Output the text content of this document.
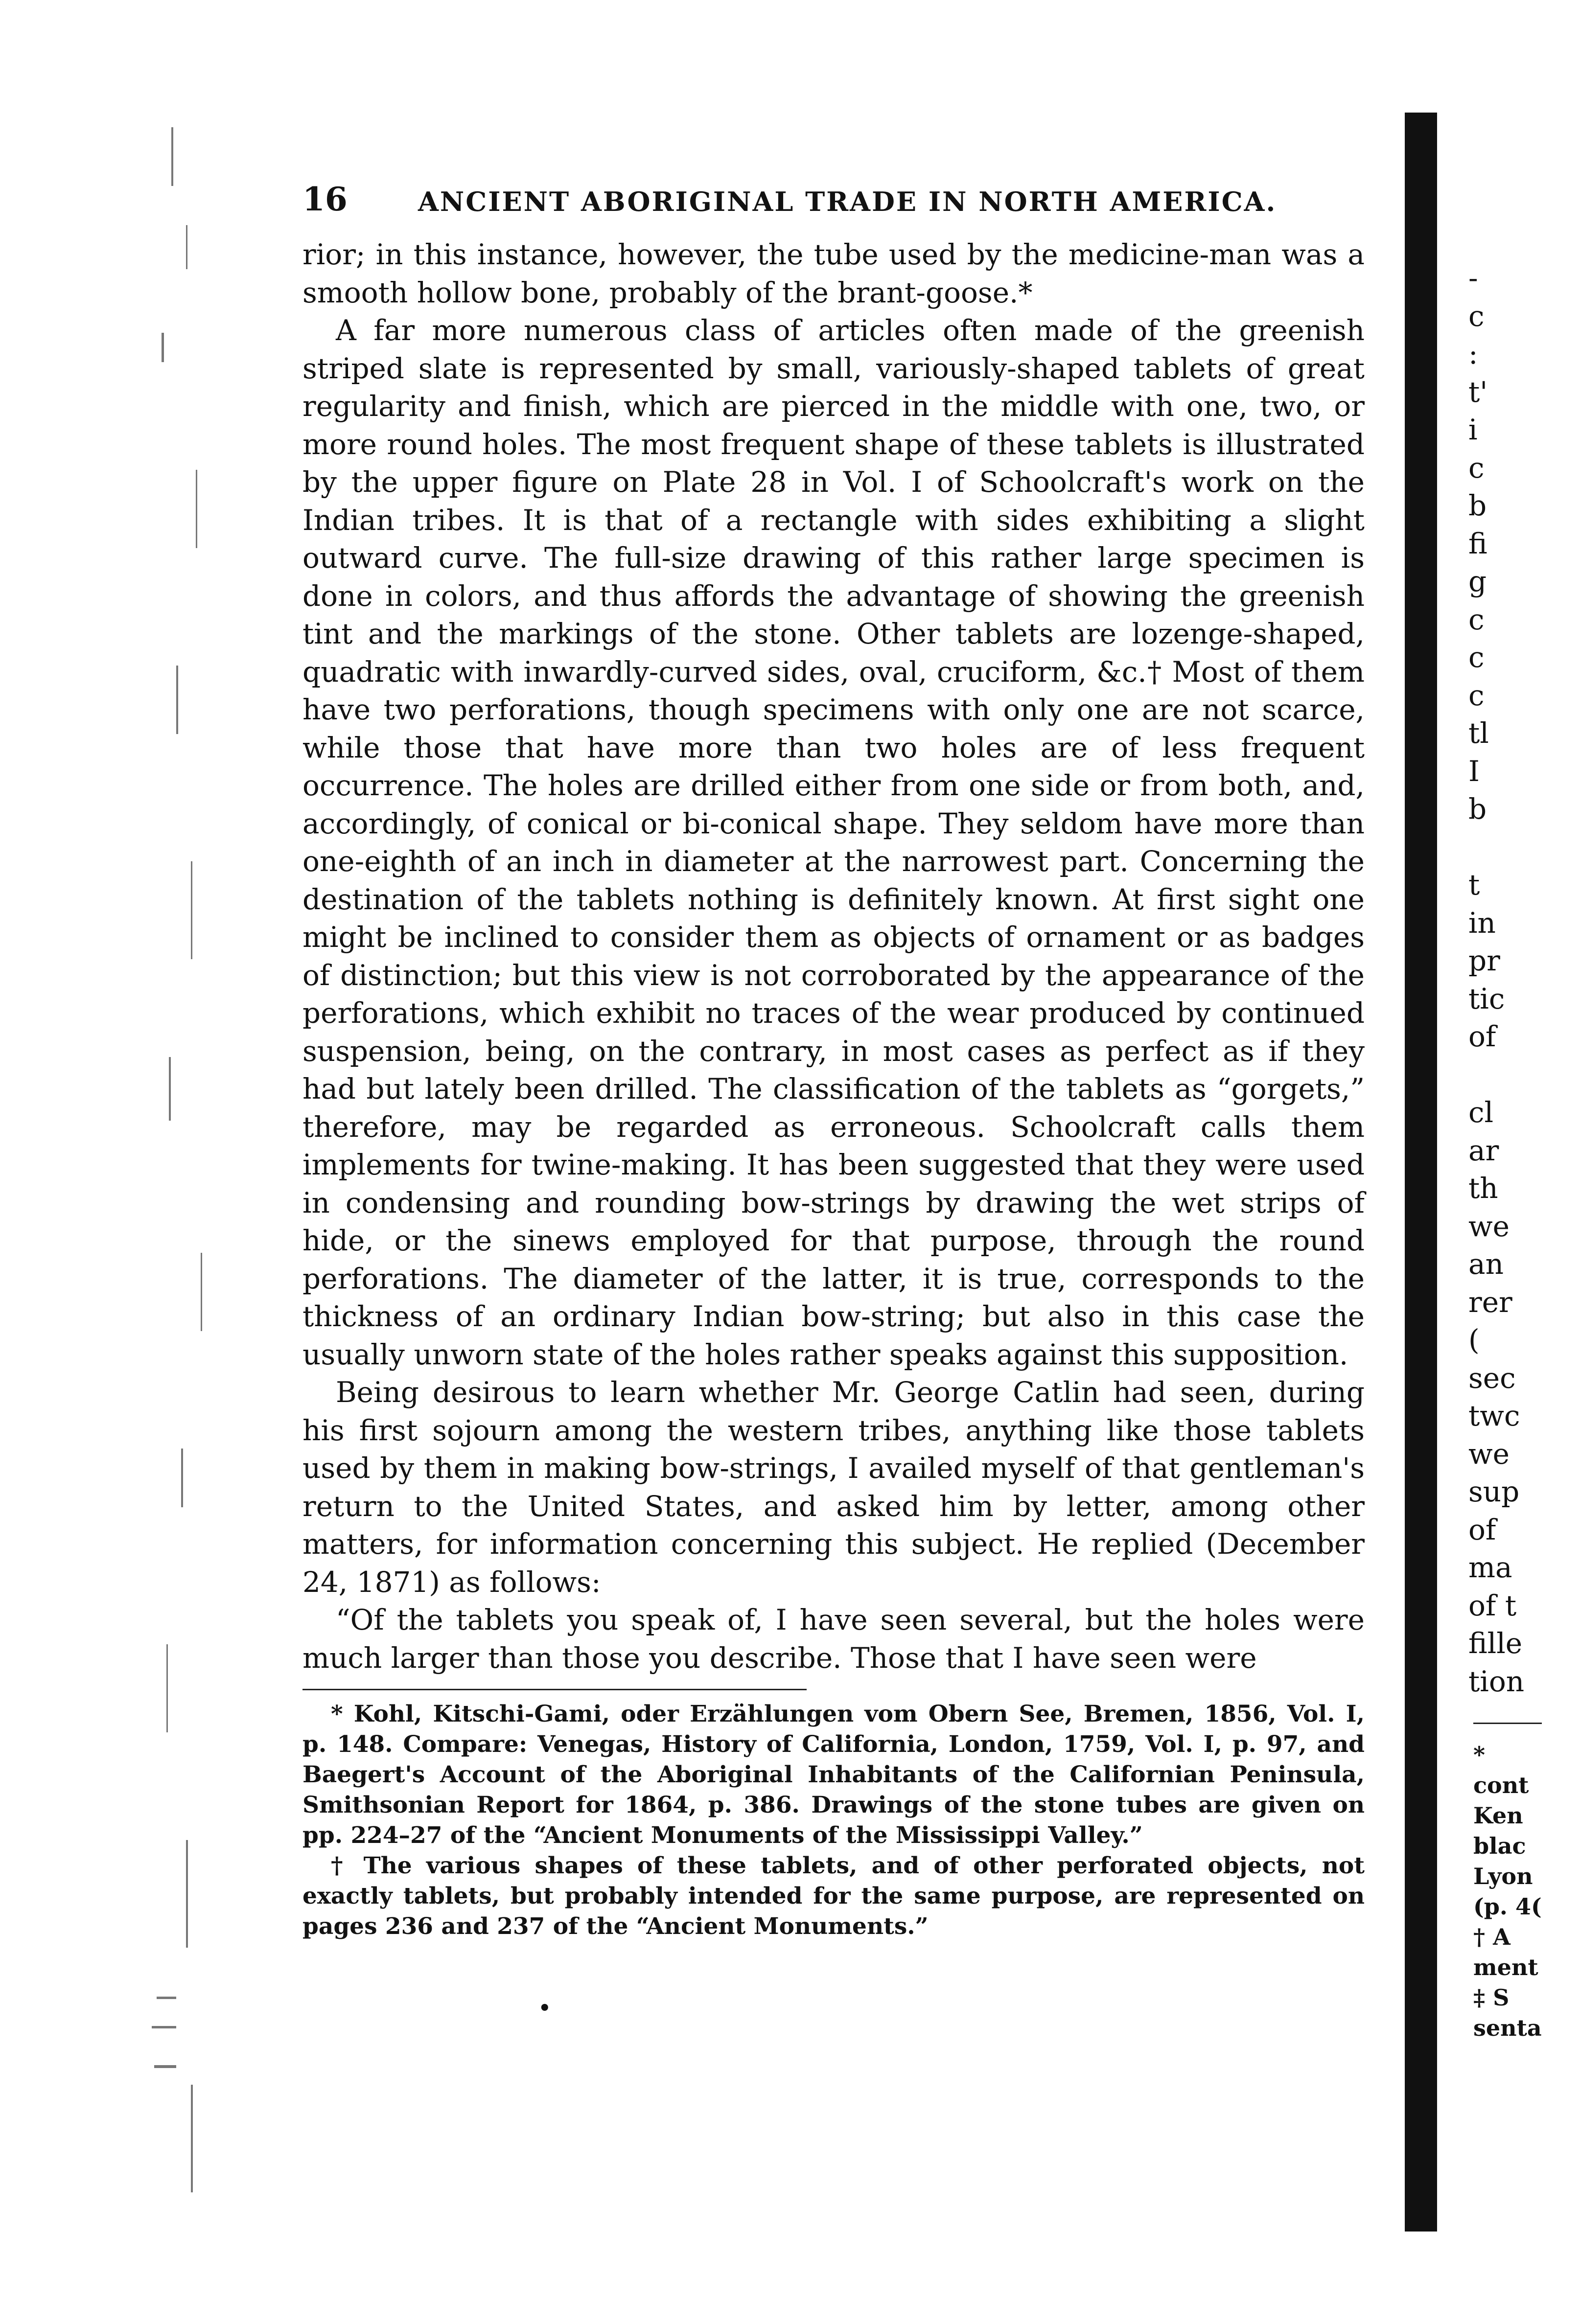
16	ANCIENT ABORIGINAL TRADE IN NORTH AMERICA.

rior; in this instance, however, the tube used by the medicine-man was a smooth hollow bone, probably of the brant-goose.*

A far more numerous class of articles often made of the greenish striped slate is represented by small, variously-shaped tablets of great regularity and finish, which are pierced in the middle with one, two, or more round holes. The most frequent shape of these tablets is illustrated by the upper figure on Plate 28 in Vol. I of Schoolcraft's work on the Indian tribes. It is that of a rectangle with sides exhibiting a slight outward curve. The full-size drawing of this rather large specimen is done in colors, and thus affords the advantage of showing the greenish tint and the markings of the stone. Other tablets are lozenge-shaped, quadratic with inwardly-curved sides, oval, cruciform, &c.† Most of them have two perforations, though specimens with only one are not scarce, while those that have more than two holes are of less frequent occurrence. The holes are drilled either from one side or from both, and, accordingly, of conical or bi-conical shape. They seldom have more than one-eighth of an inch in diameter at the narrowest part. Concerning the destination of the tablets nothing is definitely known. At first sight one might be inclined to consider them as objects of ornament or as badges of distinction; but this view is not corroborated by the appearance of the perforations, which exhibit no traces of the wear produced by continued suspension, being, on the contrary, in most cases as perfect as if they had but lately been drilled. The classification of the tablets as “gorgets,” therefore, may be regarded as erroneous. Schoolcraft calls them implements for twine-making. It has been suggested that they were used in condensing and rounding bow-strings by drawing the wet strips of hide, or the sinews employed for that purpose, through the round perforations. The diameter of the latter, it is true, corresponds to the thickness of an ordinary Indian bow-string; but also in this case the usually unworn state of the holes rather speaks against this supposition.

Being desirous to learn whether Mr. George Catlin had seen, during his first sojourn among the western tribes, anything like those tablets used by them in making bow-strings, I availed myself of that gentleman's return to the United States, and asked him by letter, among other matters, for information concerning this subject. He replied (December 24, 1871) as follows:

“Of the tablets you speak of, I have seen several, but the holes were much larger than those you describe. Those that I have seen were

* Kohl, Kitschi-Gami, oder Erzählungen vom Obern See, Bremen, 1856, Vol. I, p. 148. Compare: Venegas, History of California, London, 1759, Vol. I, p. 97, and Baegert's Account of the Aboriginal Inhabitants of the Californian Peninsula, Smithsonian Report for 1864, p. 386. Drawings of the stone tubes are given on pp. 224–27 of the “Ancient Monuments of the Mississippi Valley.”

† The various shapes of these tablets, and of other perforated objects, not exactly tablets, but probably intended for the same purpose, are represented on pages 236 and 237 of the “Ancient Monuments.”

-
c
:
t'
i
c
b
fi
g
c
c
c
tl
I
b
t
in
pr
tic
of
cl
ar
th
we
an
rer
(
sec
twc
we
sup
of
ma
of t
fille
tion
*
cont
Ken
blac
Lyon
(p. 4(
† A
ment
‡ S
senta
•
